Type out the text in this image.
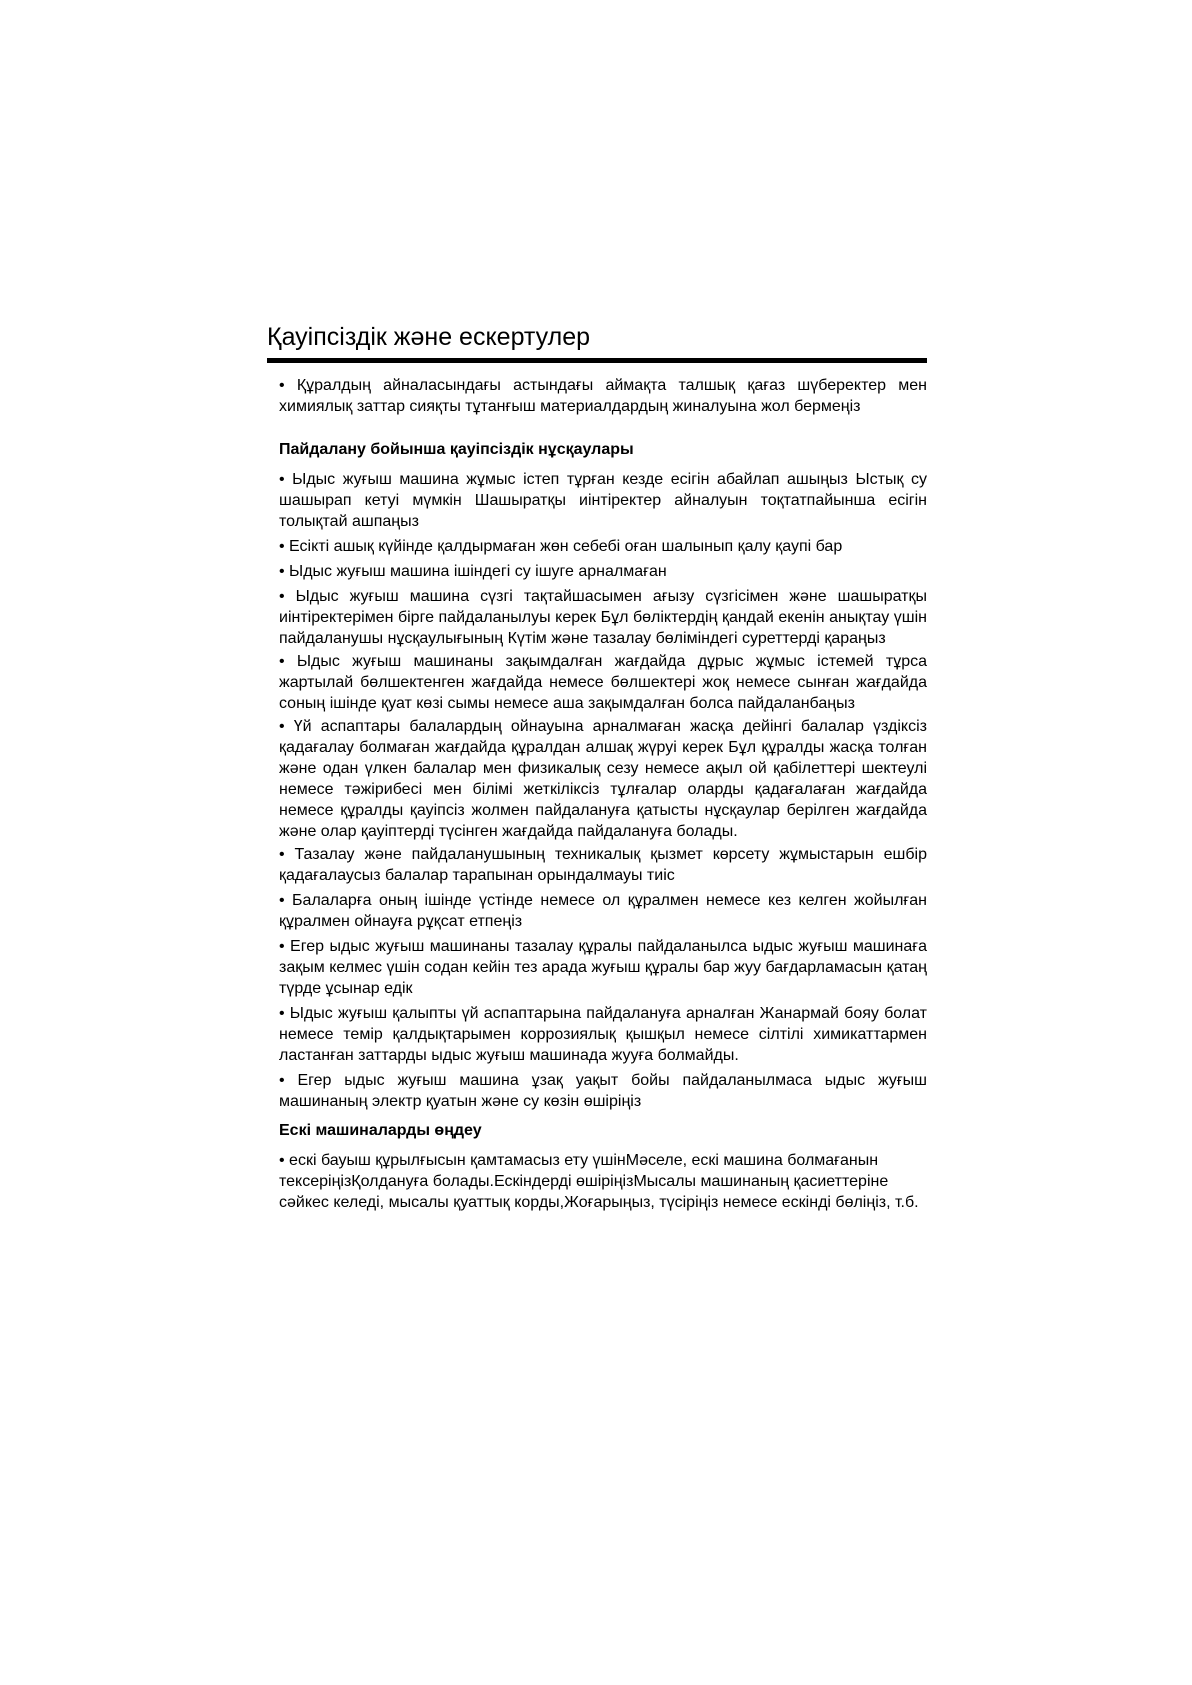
Қауіпсіздік және ескертулер

• Құралдың айналасындағы астындағы аймақта талшық қағаз шүберектер мен химиялық заттар сияқты тұтанғыш материалдардың жиналуына жол бермеңіз

Пайдалану бойынша қауіпсіздік нұсқаулары

• Ыдыс жуғыш машина жұмыс істеп тұрған кезде есігін абайлап ашыңыз Ыстық су шашырап кетуі мүмкін Шашыратқы иінтіректер айналуын тоқтатпайынша есігін толықтай ашпаңыз

• Есікті ашық күйінде қалдырмаған жөн себебі оған шалынып қалу қаупі бар

• Ыдыс жуғыш машина ішіндегі су ішуге арналмаған

• Ыдыс жуғыш машина сүзгі тақтайшасымен ағызу сүзгісімен және шашыратқы иінтіректерімен бірге пайдаланылуы керек Бұл бөліктердің қандай екенін анықтау үшін пайдаланушы нұсқаулығының Күтім және тазалау бөліміндегі суреттерді қараңыз

• Ыдыс жуғыш машинаны зақымдалған жағдайда дұрыс жұмыс істемей тұрса жартылай бөлшектенген жағдайда немесе бөлшектері жоқ немесе сынған жағдайда соның ішінде қуат көзі сымы немесе аша зақымдалған болса пайдаланбаңыз

• Үй аспаптары балалардың ойнауына арналмаған жасқа дейінгі балалар үздіксіз қадағалау болмаған жағдайда құралдан алшақ жүруі керек Бұл құралды жасқа толған және одан үлкен балалар мен физикалық сезу немесе ақыл ой қабілеттері шектеулі немесе тәжірибесі мен білімі жеткіліксіз тұлғалар оларды қадағалаған жағдайда немесе құралды қауіпсіз жолмен пайдалануға қатысты нұсқаулар берілген жағдайда және олар қауіптерді түсінген жағдайда пайдалануға болады.

• Тазалау және пайдаланушының техникалық қызмет көрсету жұмыстарын ешбір қадағалаусыз балалар тарапынан орындалмауы тиіс

• Балаларға оның ішінде үстінде немесе ол құралмен немесе кез келген жойылған құралмен ойнауға рұқсат етпеңіз

• Егер ыдыс жуғыш машинаны тазалау құралы пайдаланылса ыдыс жуғыш машинаға зақым келмес үшін содан кейін тез арада жуғыш құралы бар жуу бағдарламасын қатаң түрде ұсынар едік

• Ыдыс жуғыш қалыпты үй аспаптарына пайдалануға арналған Жанармай бояу болат немесе темір қалдықтарымен коррозиялық қышқыл немесе сілтілі химикаттармен ластанған заттарды ыдыс жуғыш машинада жууға болмайды.

• Егер ыдыс жуғыш машина ұзақ уақыт бойы пайдаланылмаса ыдыс жуғыш машинаның электр қуатын және су көзін өшіріңіз

Ескі машиналарды өңдеу

• ескі бауыш құрылғысын қамтамасыз ету үшінМәселе, ескі машина болмағанын тексеріңізҚолдануға болады.Ескіндерді өшіріңізМысалы машинаның қасиеттеріне сәйкес келеді, мысалы қуаттық корды,Жоғарыңыз, түсіріңіз немесе ескінді бөліңіз, т.б.
